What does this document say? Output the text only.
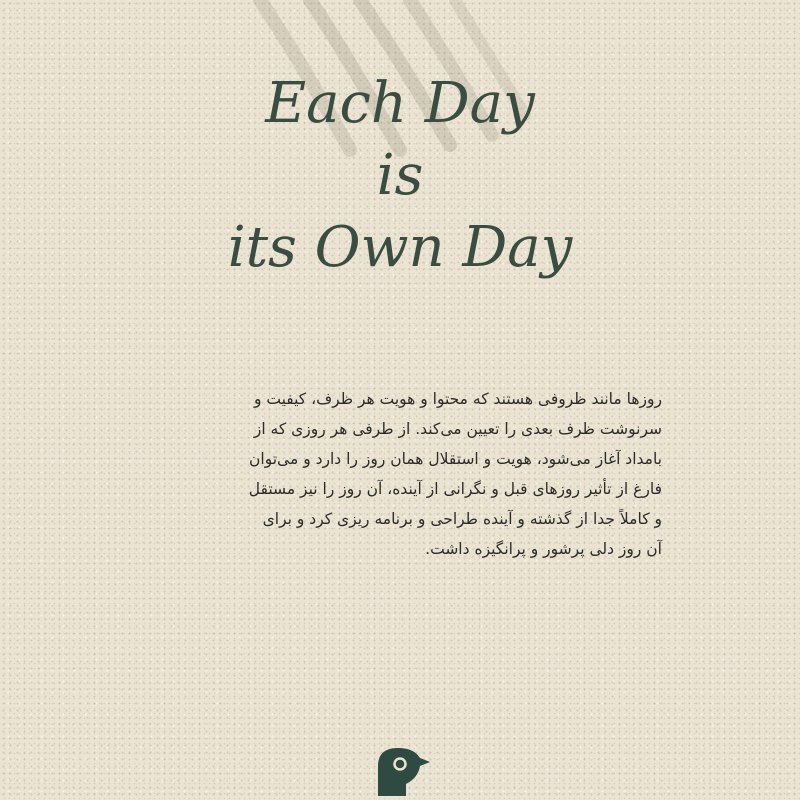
Each Day
is
its Own Day

روزها مانند ظروفی هستند که محتوا و هویت هر ظرف، کیفیت و
سرنوشت ظرف بعدی را تعیین می‌کند. از طرفی هر روزی که از
بامداد آغاز می‌شود، هویت و استقلال همان روز را دارد و می‌توان
فارغ از تأثیر روزهای قبل و نگرانی از آینده، آن روز را نیز مستقل
و کاملاً جدا از گذشته و آینده طراحی و برنامه ریزی کرد و برای
آن روز دلی پرشور و پرانگیزه داشت.
